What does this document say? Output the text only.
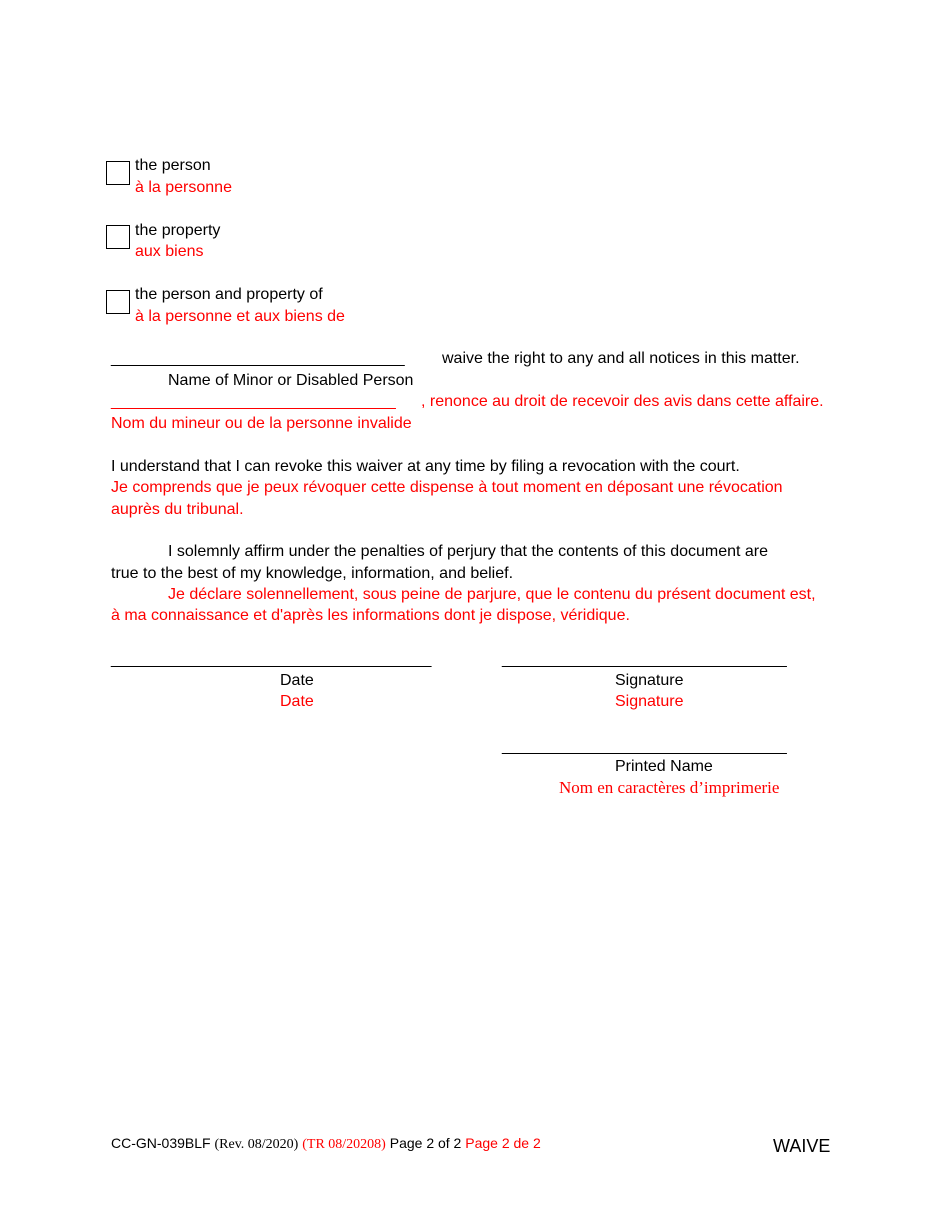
the person
à la personne
the property
aux biens
the person and property of
à la personne et aux biens de
_________________________________ waive the right to any and all notices in this matter.
Name of Minor or Disabled Person
________________________________ , renonce au droit de recevoir des avis dans cette affaire.
Nom du mineur ou de la personne invalide
I understand that I can revoke this waiver at any time by filing a revocation with the court.
Je comprends que je peux révoquer cette dispense à tout moment en déposant une révocation
auprès du tribunal.
I solemnly affirm under the penalties of perjury that the contents of this document are
true to the best of my knowledge, information, and belief.
Je déclare solennellement, sous peine de parjure, que le contenu du présent document est,
à ma connaissance et d'après les informations dont je dispose, véridique.
____________________________________
Date
Date
________________________________
Signature
Signature
________________________________
Printed Name
Nom en caractères d’imprimerie
CC-GN-039BLF (Rev. 08/2020) (TR 08/20208) Page 2 of 2 Page 2 de 2	WAIVE
